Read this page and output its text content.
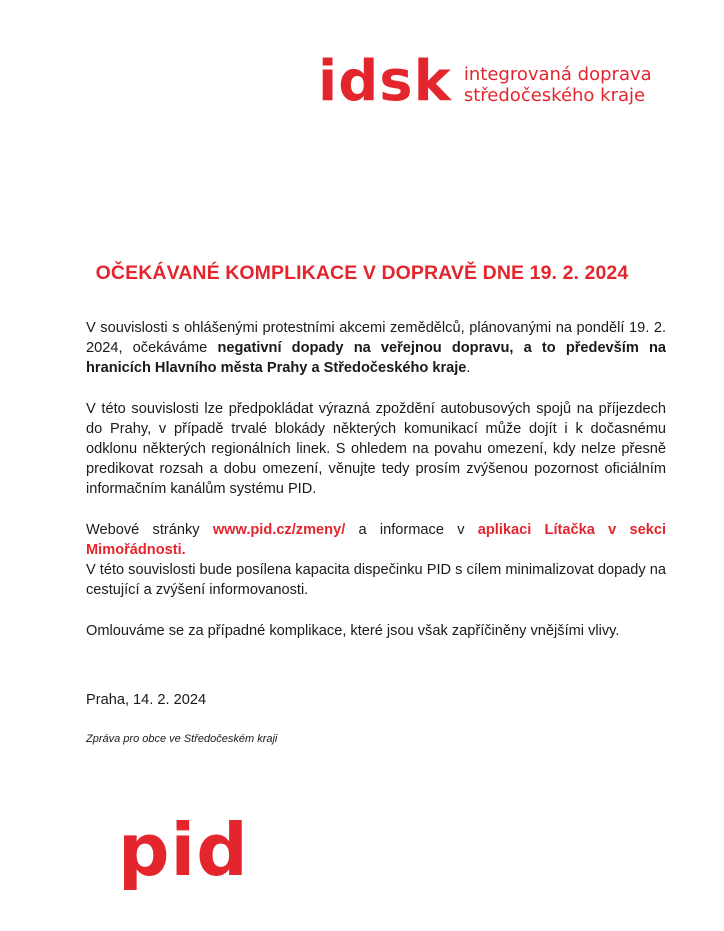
idsk integrovaná doprava
středočeského kraje
OČEKÁVANÉ KOMPLIKACE V DOPRAVĚ DNE 19. 2. 2024

V souvislosti s ohlášenými protestními akcemi zemědělců, plánovanými na pondělí 19. 2. 2024, očekáváme negativní dopady na veřejnou dopravu, a to především na hranicích Hlavního města Prahy a Středočeského kraje.

V této souvislosti lze předpokládat výrazná zpoždění autobusových spojů na příjezdech do Prahy, v případě trvalé blokády některých komunikací může dojít i k dočasnému odklonu některých regionálních linek. S ohledem na povahu omezení, kdy nelze přesně predikovat rozsah a dobu omezení, věnujte tedy prosím zvýšenou pozornost oficiálním informačním kanálům systému PID.

Webové stránky www.pid.cz/zmeny/ a informace v aplikaci Lítačka v sekci Mimořádnosti.

V této souvislosti bude posílena kapacita dispečinku PID s cílem minimalizovat dopady na cestující a zvýšení informovanosti.

Omlouváme se za případné komplikace, které jsou však zapříčiněny vnějšími vlivy.

Praha, 14. 2. 2024
Zpráva pro obce ve Středočeském kraji
pid
